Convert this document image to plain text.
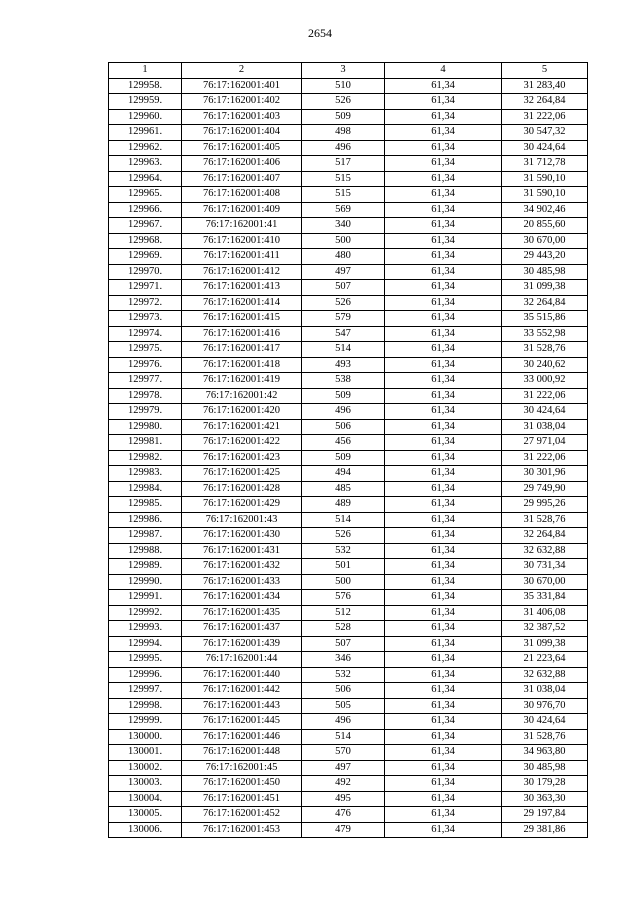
2654
1	2	3	4	5
129958.	76:17:162001:401	510	61,34	31 283,40
129959.	76:17:162001:402	526	61,34	32 264,84
129960.	76:17:162001:403	509	61,34	31 222,06
129961.	76:17:162001:404	498	61,34	30 547,32
129962.	76:17:162001:405	496	61,34	30 424,64
129963.	76:17:162001:406	517	61,34	31 712,78
129964.	76:17:162001:407	515	61,34	31 590,10
129965.	76:17:162001:408	515	61,34	31 590,10
129966.	76:17:162001:409	569	61,34	34 902,46
129967.	76:17:162001:41	340	61,34	20 855,60
129968.	76:17:162001:410	500	61,34	30 670,00
129969.	76:17:162001:411	480	61,34	29 443,20
129970.	76:17:162001:412	497	61,34	30 485,98
129971.	76:17:162001:413	507	61,34	31 099,38
129972.	76:17:162001:414	526	61,34	32 264,84
129973.	76:17:162001:415	579	61,34	35 515,86
129974.	76:17:162001:416	547	61,34	33 552,98
129975.	76:17:162001:417	514	61,34	31 528,76
129976.	76:17:162001:418	493	61,34	30 240,62
129977.	76:17:162001:419	538	61,34	33 000,92
129978.	76:17:162001:42	509	61,34	31 222,06
129979.	76:17:162001:420	496	61,34	30 424,64
129980.	76:17:162001:421	506	61,34	31 038,04
129981.	76:17:162001:422	456	61,34	27 971,04
129982.	76:17:162001:423	509	61,34	31 222,06
129983.	76:17:162001:425	494	61,34	30 301,96
129984.	76:17:162001:428	485	61,34	29 749,90
129985.	76:17:162001:429	489	61,34	29 995,26
129986.	76:17:162001:43	514	61,34	31 528,76
129987.	76:17:162001:430	526	61,34	32 264,84
129988.	76:17:162001:431	532	61,34	32 632,88
129989.	76:17:162001:432	501	61,34	30 731,34
129990.	76:17:162001:433	500	61,34	30 670,00
129991.	76:17:162001:434	576	61,34	35 331,84
129992.	76:17:162001:435	512	61,34	31 406,08
129993.	76:17:162001:437	528	61,34	32 387,52
129994.	76:17:162001:439	507	61,34	31 099,38
129995.	76:17:162001:44	346	61,34	21 223,64
129996.	76:17:162001:440	532	61,34	32 632,88
129997.	76:17:162001:442	506	61,34	31 038,04
129998.	76:17:162001:443	505	61,34	30 976,70
129999.	76:17:162001:445	496	61,34	30 424,64
130000.	76:17:162001:446	514	61,34	31 528,76
130001.	76:17:162001:448	570	61,34	34 963,80
130002.	76:17:162001:45	497	61,34	30 485,98
130003.	76:17:162001:450	492	61,34	30 179,28
130004.	76:17:162001:451	495	61,34	30 363,30
130005.	76:17:162001:452	476	61,34	29 197,84
130006.	76:17:162001:453	479	61,34	29 381,86
